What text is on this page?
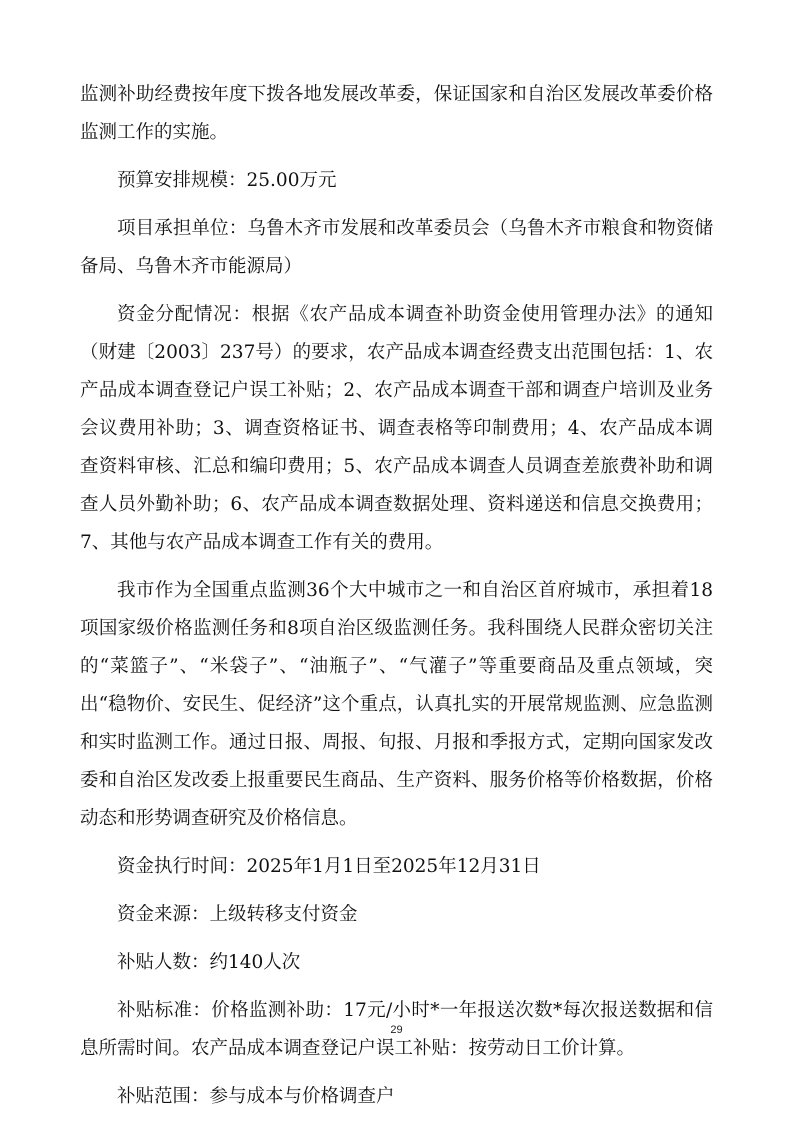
监测补助经费按年度下拨各地发展改革委，保证国家和自治区发展改革委价格监测工作的实施。

预算安排规模：25.00万元

项目承担单位：乌鲁木齐市发展和改革委员会（乌鲁木齐市粮食和物资储备局、乌鲁木齐市能源局）

资金分配情况：根据《农产品成本调查补助资金使用管理办法》的通知（财建〔2003〕237号）的要求，农产品成本调查经费支出范围包括：1、农产品成本调查登记户误工补贴；2、农产品成本调查干部和调查户培训及业务会议费用补助；3、调查资格证书、调查表格等印制费用；4、农产品成本调查资料审核、汇总和编印费用；5、农产品成本调查人员调查差旅费补助和调查人员外勤补助；6、农产品成本调查数据处理、资料递送和信息交换费用；7、其他与农产品成本调查工作有关的费用。

我市作为全国重点监测36个大中城市之一和自治区首府城市，承担着18项国家级价格监测任务和8项自治区级监测任务。我科围绕人民群众密切关注的“菜篮子”、“米袋子”、“油瓶子”、“气灌子”等重要商品及重点领域，突出“稳物价、安民生、促经济”这个重点，认真扎实的开展常规监测、应急监测和实时监测工作。通过日报、周报、旬报、月报和季报方式，定期向国家发改委和自治区发改委上报重要民生商品、生产资料、服务价格等价格数据，价格动态和形势调查研究及价格信息。

资金执行时间：2025年1月1日至2025年12月31日

资金来源：上级转移支付资金

补贴人数：约140人次

补贴标准：价格监测补助：17元/小时*一年报送次数*每次报送数据和信息所需时间。农产品成本调查登记户误工补贴：按劳动日工价计算。

补贴范围：参与成本与价格调查户

29
